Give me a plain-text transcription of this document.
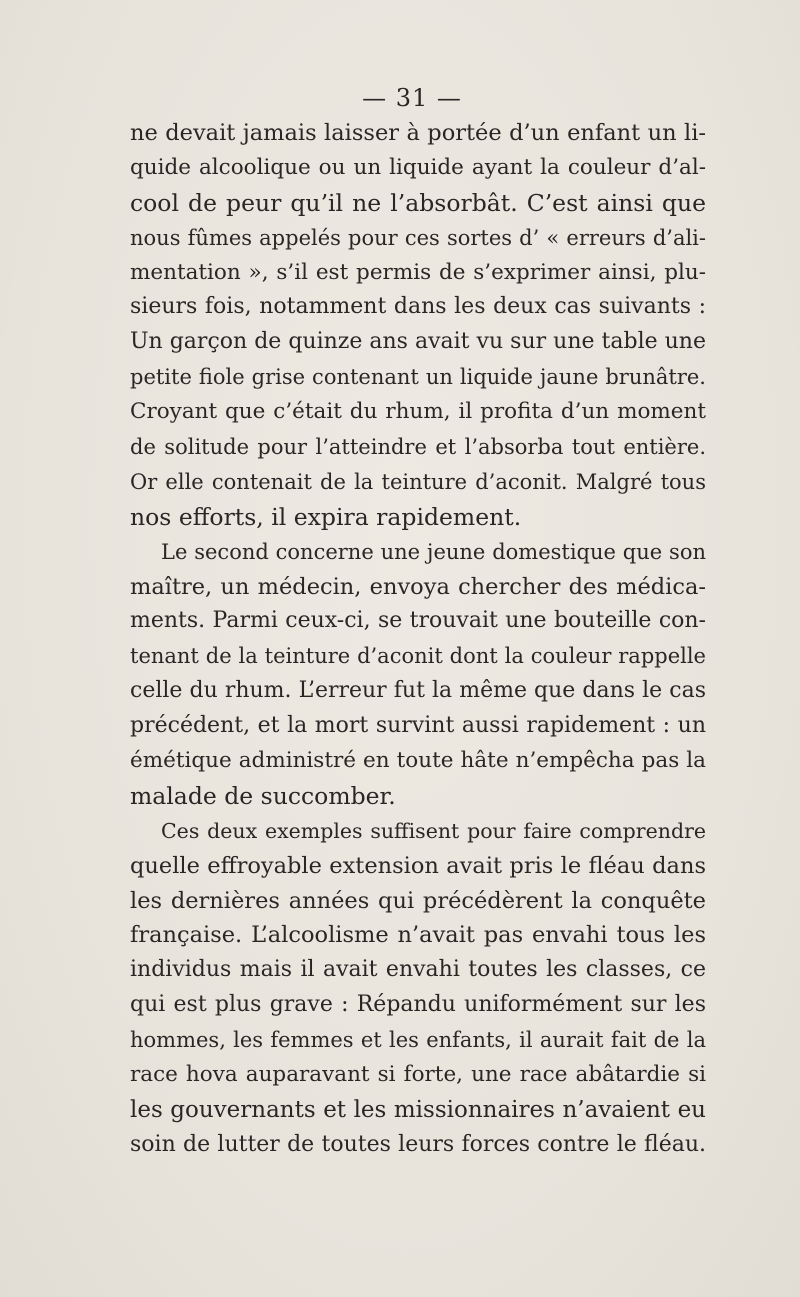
— 31 —
ne devait jamais laisser à portée d’un enfant un li-
quide alcoolique ou un liquide ayant la couleur d’al-
cool de peur qu’il ne l’absorbât. C’est ainsi que
nous fûmes appelés pour ces sortes d’ « erreurs d’ali-
mentation », s’il est permis de s’exprimer ainsi, plu-
sieurs fois, notamment dans les deux cas suivants :
Un garçon de quinze ans avait vu sur une table une
petite fiole grise contenant un liquide jaune brunâtre.
Croyant que c’était du rhum, il profita d’un moment
de solitude pour l’atteindre et l’absorba tout entière.
Or elle contenait de la teinture d’aconit. Malgré tous
nos efforts, il expira rapidement.
Le second concerne une jeune domestique que son
maître, un médecin, envoya chercher des médica-
ments. Parmi ceux-ci, se trouvait une bouteille con-
tenant de la teinture d’aconit dont la couleur rappelle
celle du rhum. L’erreur fut la même que dans le cas
précédent, et la mort survint aussi rapidement : un
émétique administré en toute hâte n’empêcha pas la
malade de succomber.
Ces deux exemples suffisent pour faire comprendre
quelle effroyable extension avait pris le fléau dans
les dernières années qui précédèrent la conquête
française. L’alcoolisme n’avait pas envahi tous les
individus mais il avait envahi toutes les classes, ce
qui est plus grave : Répandu uniformément sur les
hommes, les femmes et les enfants, il aurait fait de la
race hova auparavant si forte, une race abâtardie si
les gouvernants et les missionnaires n’avaient eu
soin de lutter de toutes leurs forces contre le fléau.
